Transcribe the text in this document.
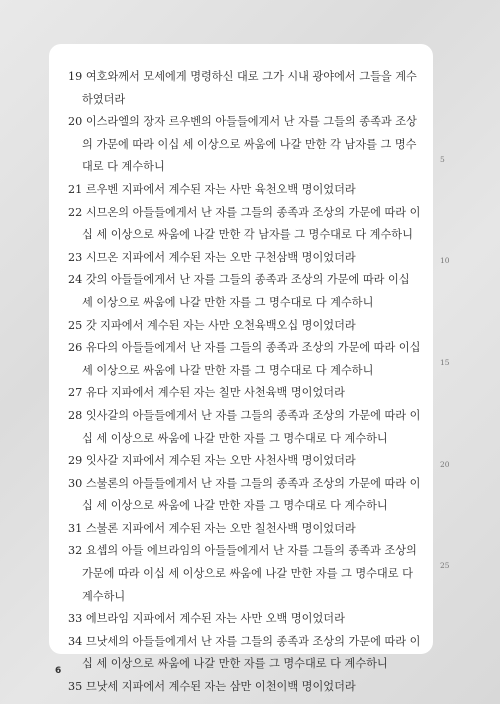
19 여호와께서 모세에게 명령하신 대로 그가 시내 광야에서 그들을 계수
하였더라
20 이스라엘의 장자 르우벤의 아들들에게서 난 자를 그들의 종족과 조상
의 가문에 따라 이십 세 이상으로 싸움에 나갈 만한 각 남자를 그 명수
대로 다 계수하니
21 르우벤 지파에서 계수된 자는 사만 육천오백 명이었더라
22 시므온의 아들들에게서 난 자를 그들의 종족과 조상의 가문에 따라 이
십 세 이상으로 싸움에 나갈 만한 각 남자를 그 명수대로 다 계수하니
23 시므온 지파에서 계수된 자는 오만 구천삼백 명이었더라
24 갓의 아들들에게서 난 자를 그들의 종족과 조상의 가문에 따라 이십
세 이상으로 싸움에 나갈 만한 자를 그 명수대로 다 계수하니
25 갓 지파에서 계수된 자는 사만 오천육백오십 명이었더라
26 유다의 아들들에게서 난 자를 그들의 종족과 조상의 가문에 따라 이십
세 이상으로 싸움에 나갈 만한 자를 그 명수대로 다 계수하니
27 유다 지파에서 계수된 자는 칠만 사천육백 명이었더라
28 잇사갈의 아들들에게서 난 자를 그들의 종족과 조상의 가문에 따라 이
십 세 이상으로 싸움에 나갈 만한 자를 그 명수대로 다 계수하니
29 잇사갈 지파에서 계수된 자는 오만 사천사백 명이었더라
30 스불론의 아들들에게서 난 자를 그들의 종족과 조상의 가문에 따라 이
십 세 이상으로 싸움에 나갈 만한 자를 그 명수대로 다 계수하니
31 스불론 지파에서 계수된 자는 오만 칠천사백 명이었더라
32 요셉의 아들 에브라임의 아들들에게서 난 자를 그들의 종족과 조상의
가문에 따라 이십 세 이상으로 싸움에 나갈 만한 자를 그 명수대로 다
계수하니
33 에브라임 지파에서 계수된 자는 사만 오백 명이었더라
34 므낫세의 아들들에게서 난 자를 그들의 종족과 조상의 가문에 따라 이
십 세 이상으로 싸움에 나갈 만한 자를 그 명수대로 다 계수하니
35 므낫세 지파에서 계수된 자는 삼만 이천이백 명이었더라
5
10
15
20
25
6
